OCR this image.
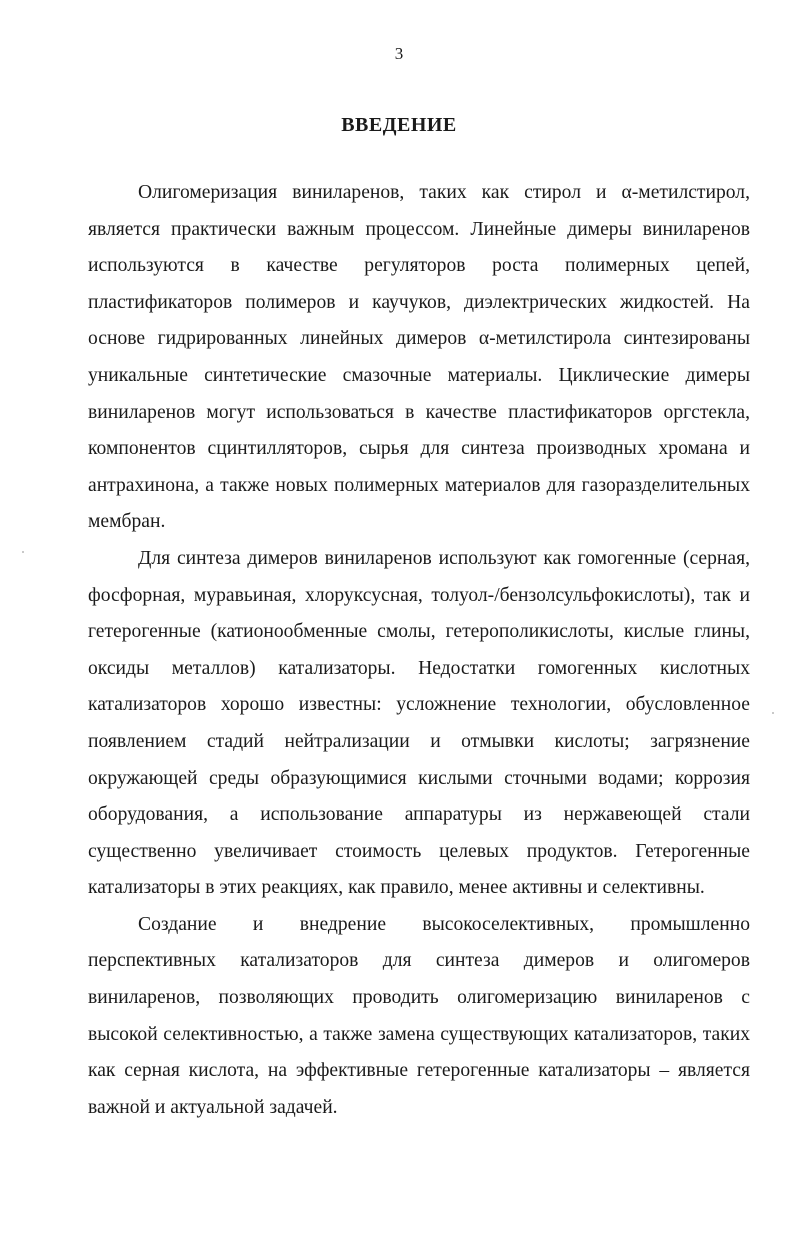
3
ВВЕДЕНИЕ

Олигомеризация виниларенов, таких как стирол и α-метилстирол, является практически важным процессом. Линейные димеры виниларенов используются в качестве регуляторов роста полимерных цепей, пластификаторов полимеров и каучуков, диэлектрических жидкостей. На основе гидрированных линейных димеров α-метилстирола синтезированы уникальные синтетические смазочные материалы. Циклические димеры виниларенов могут использоваться в качестве пластификаторов оргстекла, компонентов сцинтилляторов, сырья для синтеза производных хромана и антрахинона, а также новых полимерных материалов для газоразделительных мембран.

Для синтеза димеров виниларенов используют как гомогенные (серная, фосфорная, муравьиная, хлоруксусная, толуол-/бензолсульфокислоты), так и гетерогенные (катионообменные смолы, гетерополикислоты, кислые глины, оксиды металлов) катализаторы. Недостатки гомогенных кислотных катализаторов хорошо известны: усложнение технологии, обусловленное появлением стадий нейтрализации и отмывки кислоты; загрязнение окружающей среды образующимися кислыми сточными водами; коррозия оборудования, а использование аппаратуры из нержавеющей стали существенно увеличивает стоимость целевых продуктов. Гетерогенные катализаторы в этих реакциях, как правило, менее активны и селективны.

Создание и внедрение высокоселективных, промышленно перспективных катализаторов для синтеза димеров и олигомеров виниларенов, позволяющих проводить олигомеризацию виниларенов с высокой селективностью, а также замена существующих катализаторов, таких как серная кислота, на эффективные гетерогенные катализаторы – является важной и актуальной задачей.
